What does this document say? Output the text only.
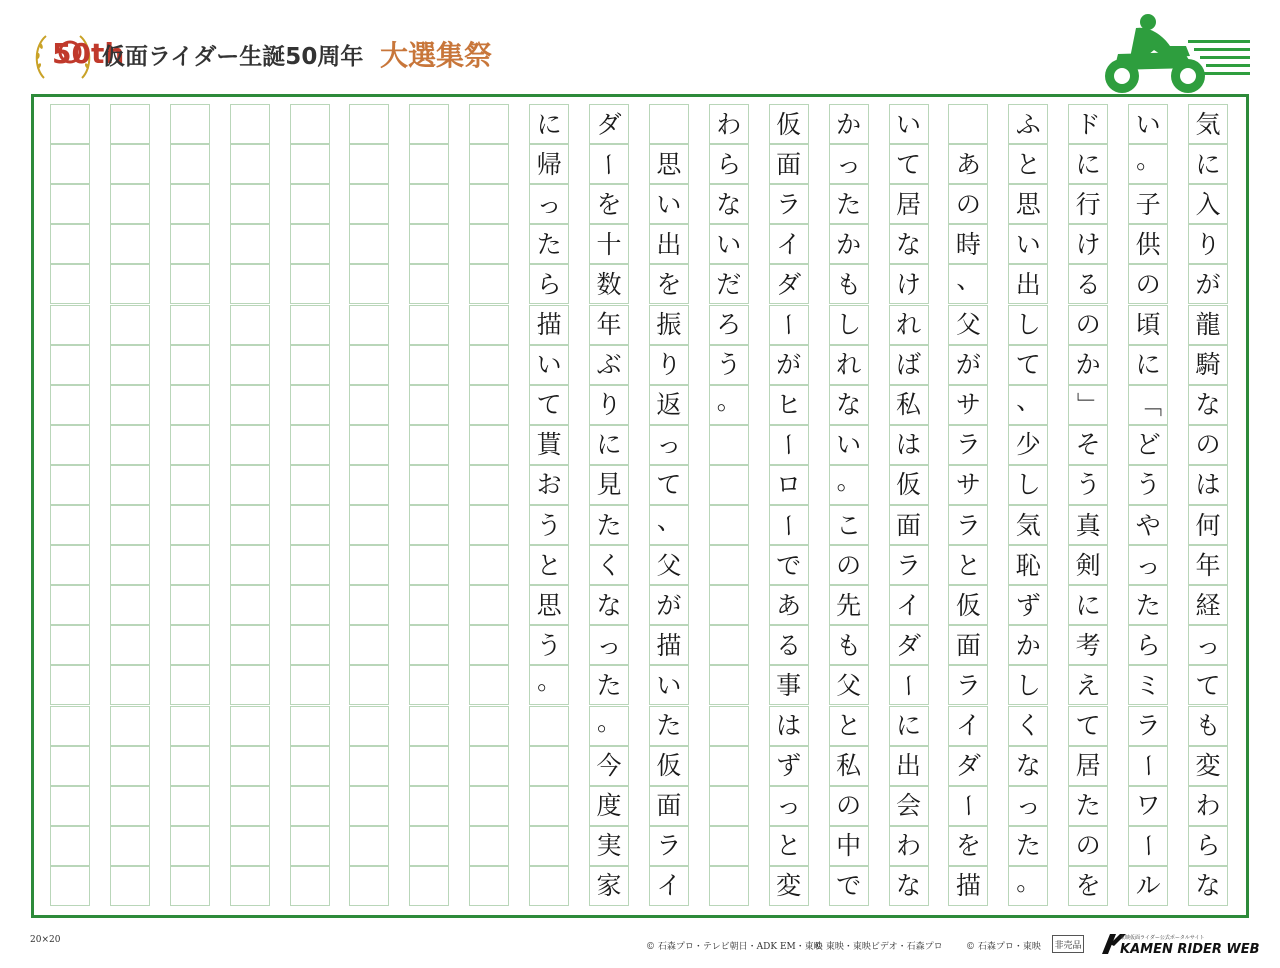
50th
仮面ライダー生誕50周年 大選集祭
気
に
入
り
が
龍
騎
な
の
は
何
年
経
っ
て
も
変
わ
ら
な
い
。
子
供
の
頃
に
「
ど
う
や
っ
た
ら
ミ
ラ
ー
ワ
ー
ル
ド
に
行
け
る
の
か
」
そ
う
真
剣
に
考
え
て
居
た
の
を
ふ
と
思
い
出
し
て
、
少
し
気
恥
ず
か
し
く
な
っ
た
。

あ
の
時
、
父
が
サ
ラ
サ
ラ
と
仮
面
ラ
イ
ダ
ー
を
描
い
て
居
な
け
れ
ば
私
は
仮
面
ラ
イ
ダ
ー
に
出
会
わ
な
か
っ
た
か
も
し
れ
な
い
。
こ
の
先
も
父
と
私
の
中
で
仮
面
ラ
イ
ダ
ー
が
ヒ
ー
ロ
ー
で
あ
る
事
は
ず
っ
と
変
わ
ら
な
い
だ
ろ
う
。

思
い
出
を
振
り
返
っ
て
、
父
が
描
い
た
仮
面
ラ
イ
ダ
ー
を
十
数
年
ぶ
り
に
見
た
く
な
っ
た
。
今
度
実
家
に
帰
っ
た
ら
描
い
て
貰
お
う
と
思
う
。
20×20
© 石森プロ・テレビ朝日・ADK EM・東映
© 東映・東映ビデオ・石森プロ	© 石森プロ・東映 非売品
東映仮面ライダー公式ポータルサイト
KAMEN RIDER WEB
